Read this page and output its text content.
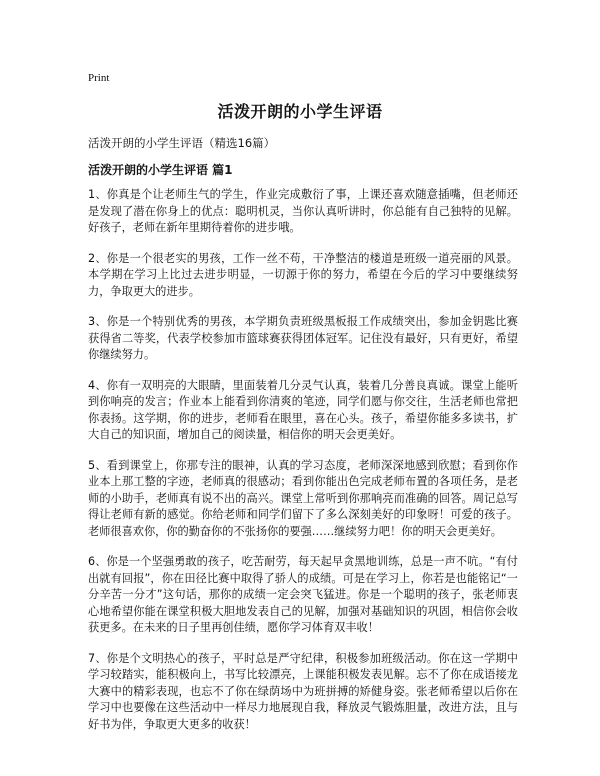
Print
活泼开朗的小学生评语

活泼开朗的小学生评语（精选16篇）

活泼开朗的小学生评语 篇1

1、你真是个让老师生气的学生，作业完成敷衍了事，上课还喜欢随意插嘴，但老师还是发现了潜在你身上的优点：聪明机灵，当你认真听讲时，你总能有自己独特的见解。好孩子，老师在新年里期待着你的进步哦。

2、你是一个很老实的男孩，工作一丝不苟，干净整洁的楼道是班级一道亮丽的风景。本学期在学习上比过去进步明显，一切源于你的努力，希望在今后的学习中要继续努力，争取更大的进步。

3、你是一个特别优秀的男孩，本学期负责班级黑板报工作成绩突出，参加金钥匙比赛获得省二等奖，代表学校参加市篮球赛获得团体冠军。记住没有最好，只有更好，希望你继续努力。

4、你有一双明亮的大眼睛，里面装着几分灵气认真，装着几分善良真诚。课堂上能听到你响亮的发言；作业本上能看到你清爽的笔迹，同学们愿与你交往，生活老师也常把你表扬。这学期，你的进步，老师看在眼里，喜在心头。孩子，希望你能多多读书，扩大自己的知识面，增加自己的阅读量，相信你的明天会更美好。

5、看到课堂上，你那专注的眼神，认真的学习态度，老师深深地感到欣慰；看到你作业本上那工整的字迹，老师真的很感动；看到你能出色完成老师布置的各项任务，是老师的小助手，老师真有说不出的高兴。课堂上常听到你那响亮而准确的回答。周记总写得让老师有新的感觉。你给老师和同学们留下了多么深刻美好的印象呀！可爱的孩子。老师很喜欢你，你的勤奋你的不张扬你的要强……继续努力吧！你的明天会更美好。

6、你是一个坚强勇敢的孩子，吃苦耐劳，每天起早贪黑地训练，总是一声不吭。“有付出就有回报”，你在田径比赛中取得了骄人的成绩。可是在学习上，你若是也能铭记“一分辛苦一分才”这句话，那你的成绩一定会突飞猛进。你是一个聪明的孩子，张老师衷心地希望你能在课堂积极大胆地发表自己的见解，加强对基础知识的巩固，相信你会收获更多。在未来的日子里再创佳绩，愿你学习体育双丰收！

7、你是个文明热心的孩子，平时总是严守纪律，积极参加班级活动。你在这一学期中学习较踏实，能积极向上，书写比较漂亮，上课能积极发表见解。忘不了你在成语接龙大赛中的精彩表现，也忘不了你在绿荫场中为班拼搏的矫健身姿。张老师希望以后你在学习中也要像在这些活动中一样尽力地展现自我，释放灵气锻炼胆量，改进方法，且与好书为伴，争取更大更多的收获！
